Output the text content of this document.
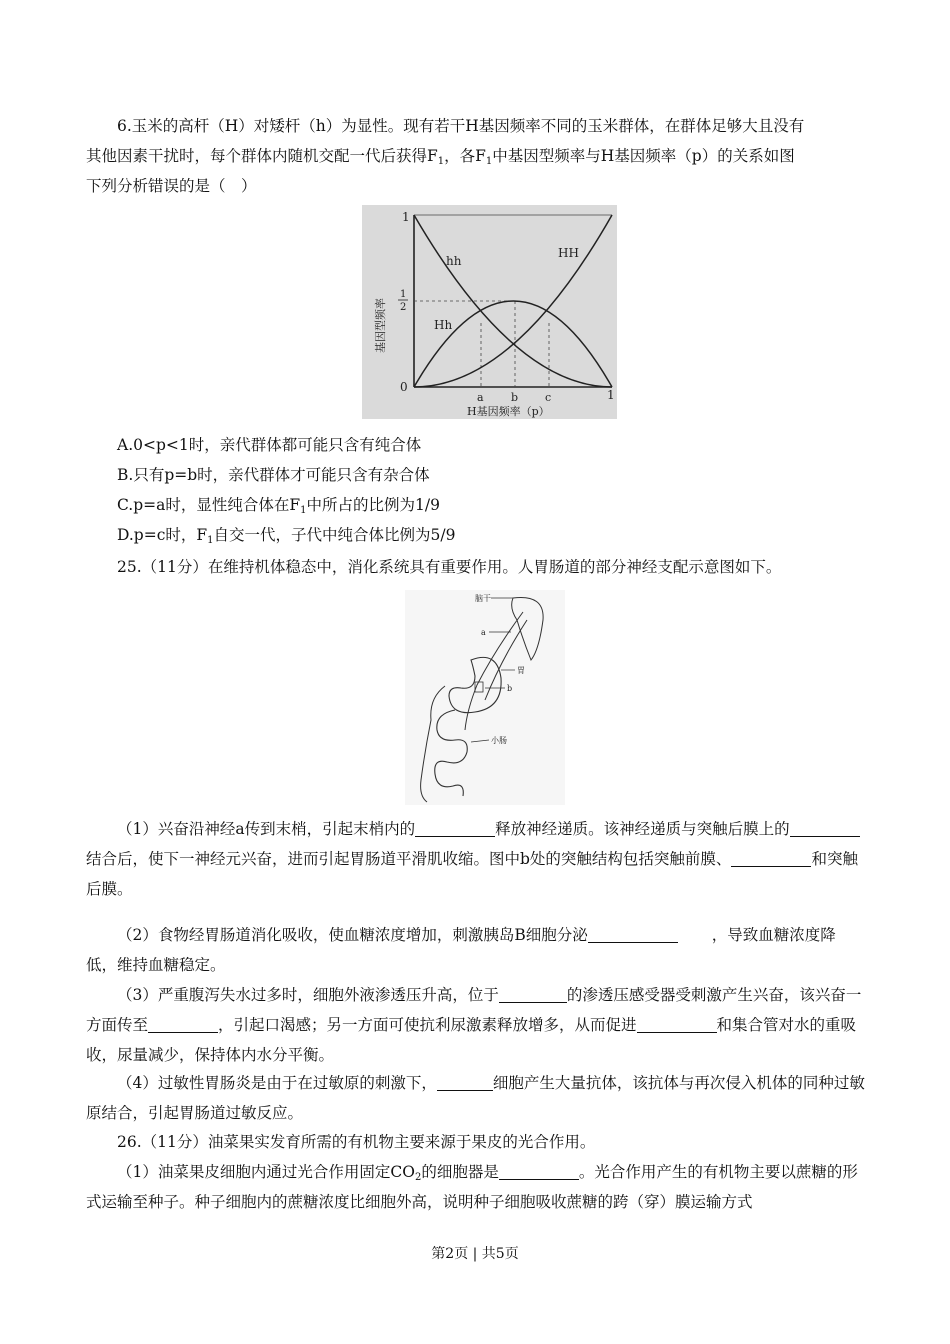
6.玉米的高杆（H）对矮杆（h）为显性。现有若干H基因频率不同的玉米群体，在群体足够大且没有

其他因素干扰时，每个群体内随机交配一代后获得$F_1$，各$F_1$中基因型频率与H基因频率（p）的关系如图

下列分析错误的是（　）

hh
Hh
HH
1
1
2
0
a b c	1
H基因频率（p）
基因型频率

A.0<p<1时，亲代群体都可能只含有纯合体

B.只有p=b时，亲代群体才可能只含有杂合体

C.p=a时，显性纯合体在$F_1$中所占的比例为1/9

D.p=c时，$F_1$自交一代，子代中纯合体比例为5/9

25.（11分）在维持机体稳态中，消化系统具有重要作用。人胃肠道的部分神经支配示意图如下。

脑干
a
胃
b
小肠

（1）兴奋沿神经a传到末梢，引起末梢内的	释放神经递质。该神经递质与突触后膜上的结合后，使下一神经元兴奋，进而引起胃肠道平滑肌收缩。图中b处的突触结构包括突触前膜、	和突触后膜。

（2）食物经胃肠道消化吸收，使血糖浓度增加，刺激胰岛B细胞分泌	，导致血糖浓度降低，维持血糖稳定。

（3）严重腹泻失水过多时，细胞外液渗透压升高，位于	的渗透压感受器受刺激产生兴奋，该兴奋一方面传至	，引起口渴感；另一方面可使抗利尿激素释放增多，从而促进	和集合管对水的重吸收，尿量减少，保持体内水分平衡。

（4）过敏性胃肠炎是由于在过敏原的刺激下，	细胞产生大量抗体，该抗体与再次侵入机体的同种过敏原结合，引起胃肠道过敏反应。

26.（11分）油菜果实发育所需的有机物主要来源于果皮的光合作用。

（1）油菜果皮细胞内通过光合作用固定$CO_2$的细胞器是	。光合作用产生的有机物主要以蔗糖的形式运输至种子。种子细胞内的蔗糖浓度比细胞外高，说明种子细胞吸收蔗糖的跨（穿）膜运输方式

第2页 | 共5页
